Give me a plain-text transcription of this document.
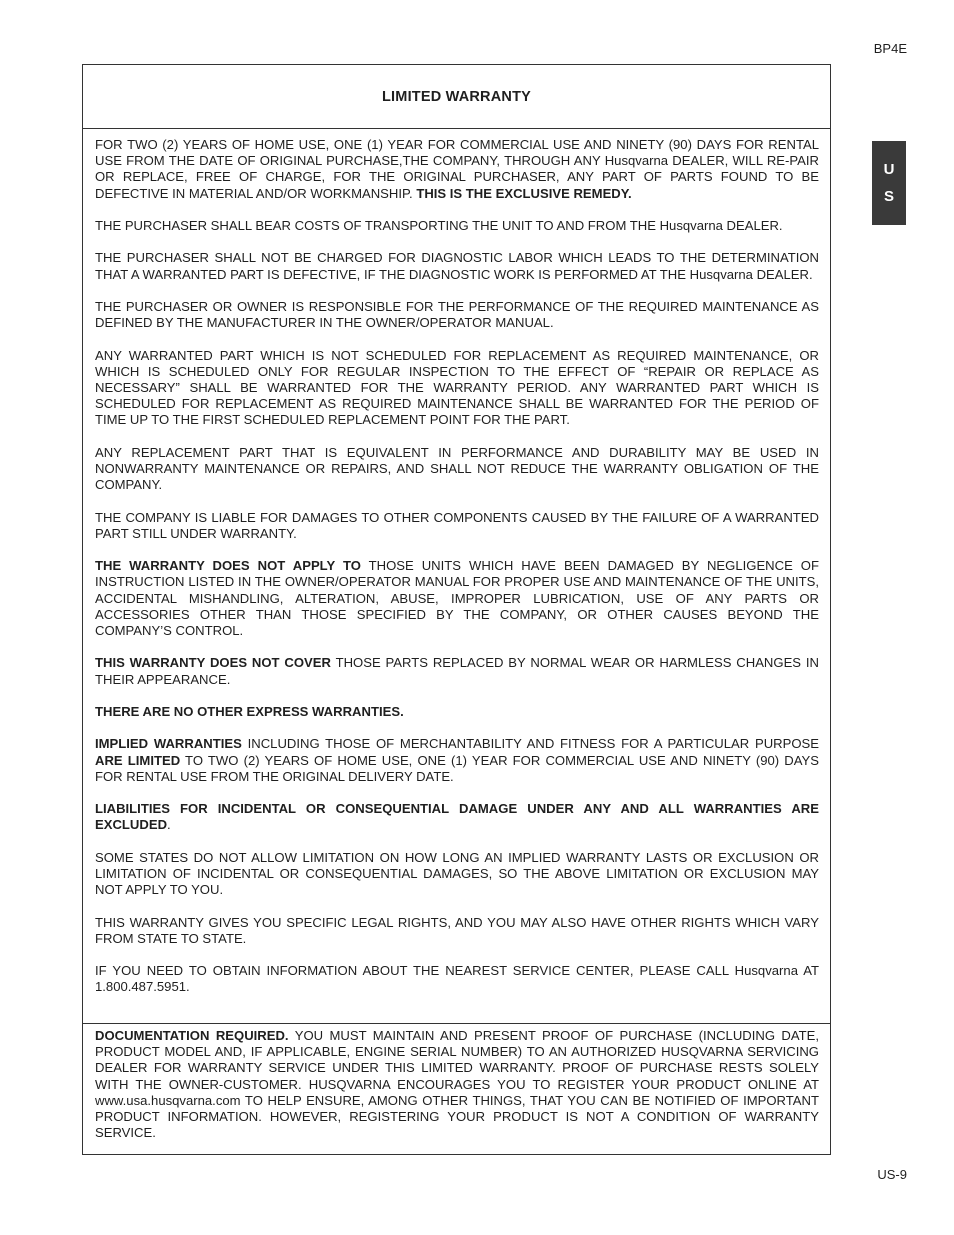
BP4E
U
S
LIMITED WARRANTY

FOR TWO (2) YEARS OF HOME USE, ONE (1) YEAR FOR COMMERCIAL USE AND NINETY (90) DAYS FOR RENTAL USE FROM THE DATE OF ORIGINAL PURCHASE,THE COMPANY, THROUGH ANY Husqvarna DEALER, WILL RE-PAIR OR REPLACE, FREE OF CHARGE, FOR THE ORIGINAL PURCHASER, ANY PART OF PARTS FOUND TO BE DEFECTIVE IN MATERIAL AND/OR WORKMANSHIP. THIS IS THE EXCLUSIVE REMEDY.

THE PURCHASER SHALL BEAR COSTS OF TRANSPORTING THE UNIT TO AND FROM THE Husqvarna DEALER.

THE PURCHASER SHALL NOT BE CHARGED FOR DIAGNOSTIC LABOR WHICH LEADS TO THE DETERMINATION THAT A WARRANTED PART IS DEFECTIVE, IF THE DIAGNOSTIC WORK IS PERFORMED AT THE Husqvarna DEALER.

THE PURCHASER OR OWNER IS RESPONSIBLE FOR THE PERFORMANCE OF THE REQUIRED MAINTENANCE AS DEFINED BY THE MANUFACTURER IN THE OWNER/OPERATOR MANUAL.

ANY WARRANTED PART WHICH IS NOT SCHEDULED FOR REPLACEMENT AS REQUIRED MAINTENANCE, OR WHICH IS SCHEDULED ONLY FOR REGULAR INSPECTION TO THE EFFECT OF “REPAIR OR REPLACE AS NECESSARY” SHALL BE WARRANTED FOR THE WARRANTY PERIOD. ANY WARRANTED PART WHICH IS SCHEDULED FOR REPLACEMENT AS REQUIRED MAINTENANCE SHALL BE WARRANTED FOR THE PERIOD OF TIME UP TO THE FIRST SCHEDULED REPLACEMENT POINT FOR THE PART.

ANY REPLACEMENT PART THAT IS EQUIVALENT IN PERFORMANCE AND DURABILITY MAY BE USED IN NONWARRANTY MAINTENANCE OR REPAIRS, AND SHALL NOT REDUCE THE WARRANTY OBLIGATION OF THE COMPANY.

THE COMPANY IS LIABLE FOR DAMAGES TO OTHER COMPONENTS CAUSED BY THE FAILURE OF A WARRANTED PART STILL UNDER WARRANTY.

THE WARRANTY DOES NOT APPLY TO THOSE UNITS WHICH HAVE BEEN DAMAGED BY NEGLIGENCE OF INSTRUCTION LISTED IN THE OWNER/OPERATOR MANUAL FOR PROPER USE AND MAINTENANCE OF THE UNITS, ACCIDENTAL MISHANDLING, ALTERATION, ABUSE, IMPROPER LUBRICATION, USE OF ANY PARTS OR ACCESSORIES OTHER THAN THOSE SPECIFIED BY THE COMPANY, OR OTHER CAUSES BEYOND THE COMPANY’S CONTROL.

THIS WARRANTY DOES NOT COVER THOSE PARTS REPLACED BY NORMAL WEAR OR HARMLESS CHANGES IN THEIR APPEARANCE.

THERE ARE NO OTHER EXPRESS WARRANTIES.

IMPLIED WARRANTIES INCLUDING THOSE OF MERCHANTABILITY AND FITNESS FOR A PARTICULAR PURPOSE ARE LIMITED TO TWO (2) YEARS OF HOME USE, ONE (1) YEAR FOR COMMERCIAL USE AND NINETY (90) DAYS FOR RENTAL USE FROM THE ORIGINAL DELIVERY DATE.

LIABILITIES FOR INCIDENTAL OR CONSEQUENTIAL DAMAGE UNDER ANY AND ALL WARRANTIES ARE EXCLUDED.

SOME STATES DO NOT ALLOW LIMITATION ON HOW LONG AN IMPLIED WARRANTY LASTS OR EXCLUSION OR LIMITATION OF INCIDENTAL OR CONSEQUENTIAL DAMAGES, SO THE ABOVE LIMITATION OR EXCLUSION MAY NOT APPLY TO YOU.

THIS WARRANTY GIVES YOU SPECIFIC LEGAL RIGHTS, AND YOU MAY ALSO HAVE OTHER RIGHTS WHICH VARY FROM STATE TO STATE.

IF YOU NEED TO OBTAIN INFORMATION ABOUT THE NEAREST SERVICE CENTER, PLEASE CALL Husqvarna AT 1.800.487.5951.

DOCUMENTATION REQUIRED. YOU MUST MAINTAIN AND PRESENT PROOF OF PURCHASE (INCLUDING DATE, PRODUCT MODEL AND, IF APPLICABLE, ENGINE SERIAL NUMBER) TO AN AUTHORIZED HUSQVARNA SERVICING DEALER FOR WARRANTY SERVICE UNDER THIS LIMITED WARRANTY. PROOF OF PURCHASE RESTS SOLELY WITH THE OWNER-CUSTOMER. HUSQVARNA ENCOURAGES YOU TO REGISTER YOUR PRODUCT ONLINE AT www.usa.husqvarna.com TO HELP ENSURE, AMONG OTHER THINGS, THAT YOU CAN BE NOTIFIED OF IMPORTANT PRODUCT INFORMATION. HOWEVER, REGISTERING YOUR PRODUCT IS NOT A CONDITION OF WARRANTY SERVICE.

US-9
